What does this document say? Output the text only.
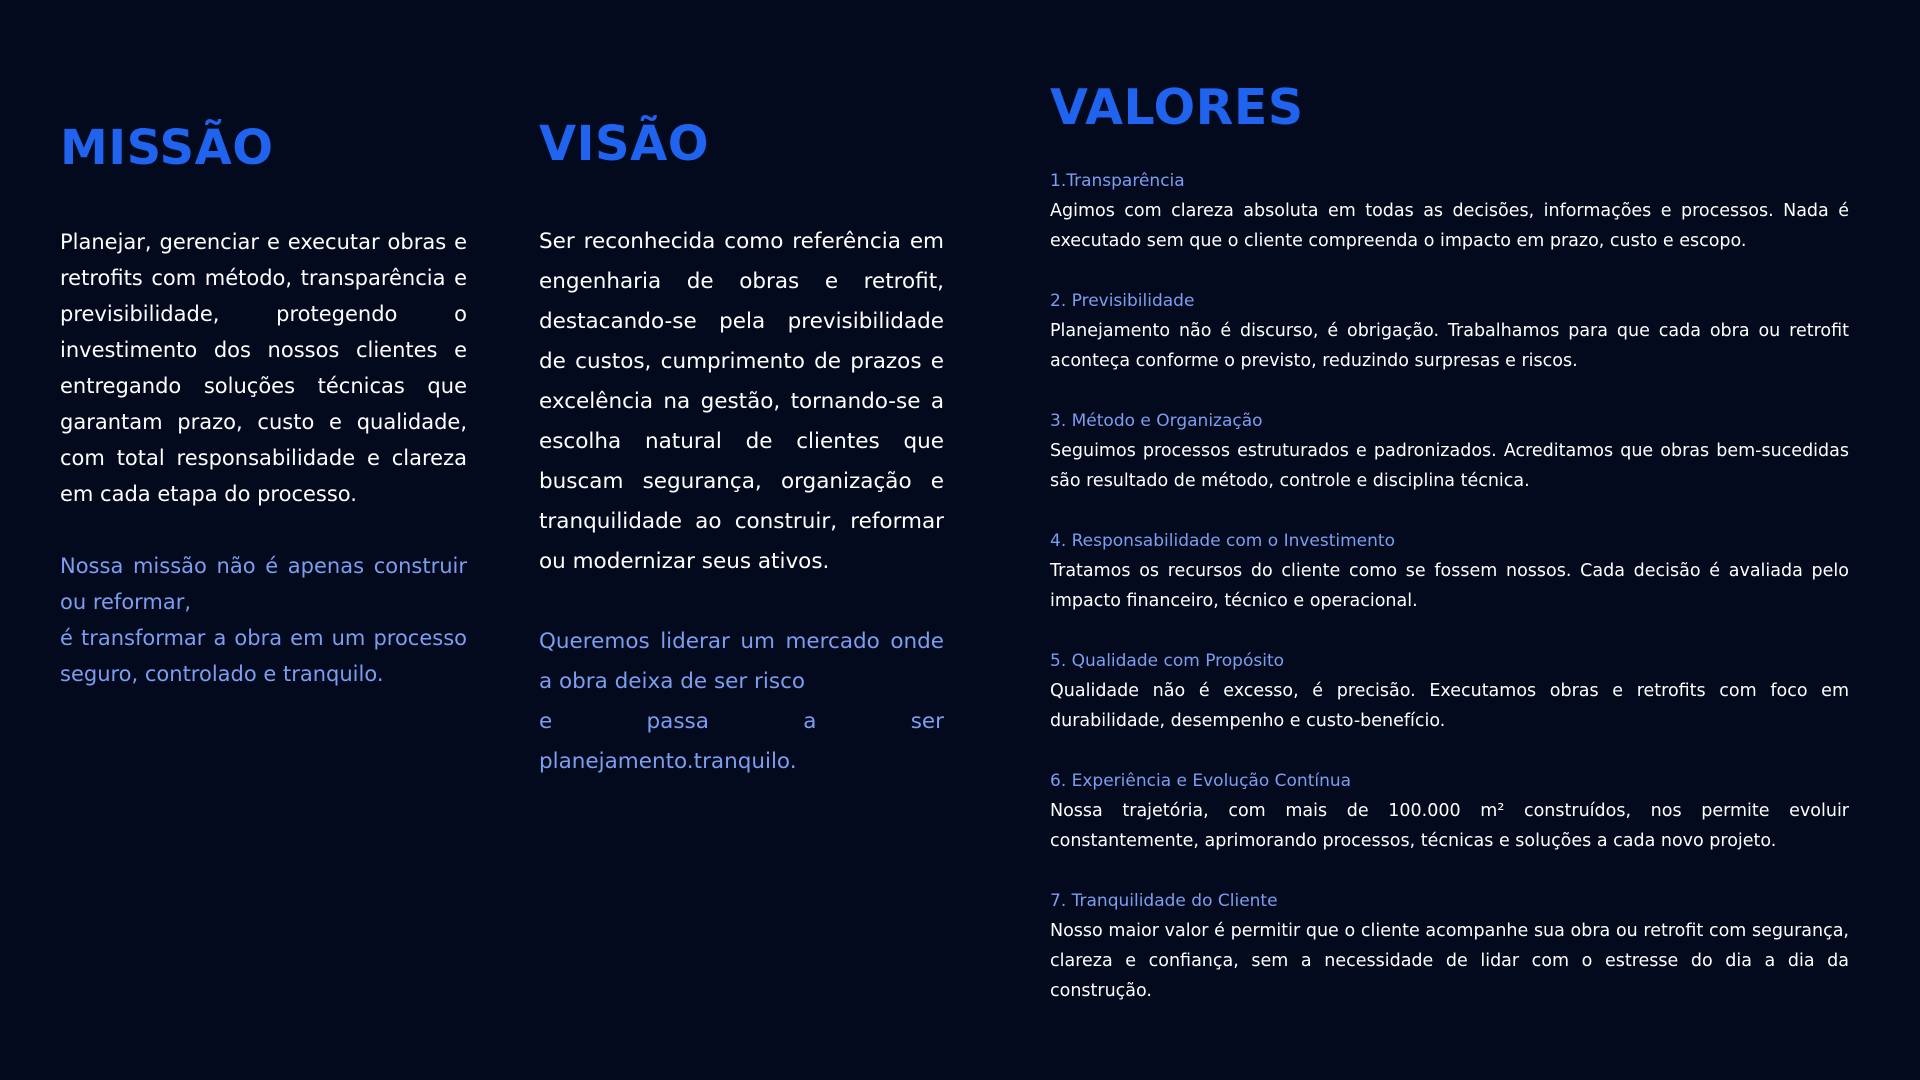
MISSÃO

Planejar, gerenciar e executar obras e retrofits com método, transparência e previsibilidade, protegendo o investimento dos nossos clientes e entregando soluções técnicas que garantam prazo, custo e qualidade, com total responsabilidade e clareza em cada etapa do processo.

Nossa missão não é apenas construir ou reformar,
é transformar a obra em um processo seguro, controlado e tranquilo.

VISÃO

Ser reconhecida como referência em engenharia de obras e retrofit, destacando-se pela previsibilidade de custos, cumprimento de prazos e excelência na gestão, tornando-se a escolha natural de clientes que buscam segurança, organização e tranquilidade ao construir, reformar ou modernizar seus ativos.

Queremos liderar um mercado onde a obra deixa de ser risco
e passa a ser planejamento.tranquilo.

VALORES

1.Transparência

Agimos com clareza absoluta em todas as decisões, informações e processos. Nada é executado sem que o cliente compreenda o impacto em prazo, custo e escopo.

2. Previsibilidade

Planejamento não é discurso, é obrigação. Trabalhamos para que cada obra ou retrofit aconteça conforme o previsto, reduzindo surpresas e riscos.

3. Método e Organização

Seguimos processos estruturados e padronizados. Acreditamos que obras bem-sucedidas são resultado de método, controle e disciplina técnica.

4. Responsabilidade com o Investimento

Tratamos os recursos do cliente como se fossem nossos. Cada decisão é avaliada pelo impacto financeiro, técnico e operacional.

5. Qualidade com Propósito

Qualidade não é excesso, é precisão. Executamos obras e retrofits com foco em durabilidade, desempenho e custo-benefício.

6. Experiência e Evolução Contínua

Nossa trajetória, com mais de 100.000 m² construídos, nos permite evoluir constantemente, aprimorando processos, técnicas e soluções a cada novo projeto.

7. Tranquilidade do Cliente

Nosso maior valor é permitir que o cliente acompanhe sua obra ou retrofit com segurança, clareza e confiança, sem a necessidade de lidar com o estresse do dia a dia da construção.
